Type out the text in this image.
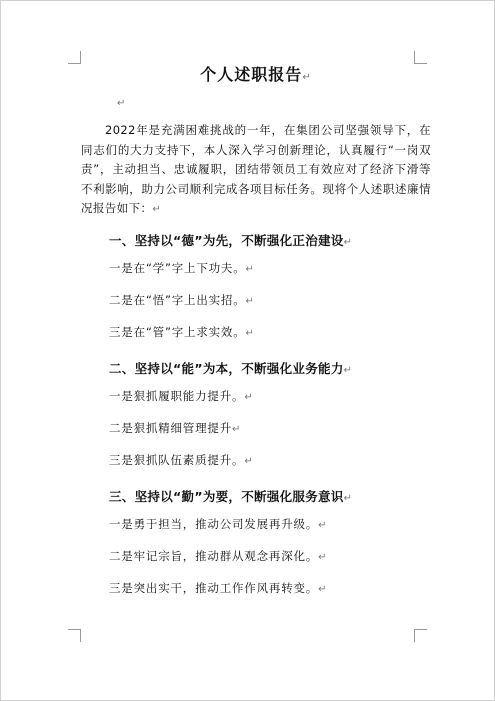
个人述职报告↵
↵

2022年是充满困难挑战的一年，在集团公司坚强领导下，在同志们的大力支持下，本人深入学习创新理论，认真履行“一岗双责”，主动担当、忠诚履职，团结带领员工有效应对了经济下滑等不利影响，助力公司顺利完成各项目标任务。现将个人述职述廉情况报告如下：↵

一、坚持以“德”为先，不断强化正治建设↵
一是在“学”字上下功夫。↵
二是在“悟”字上出实招。↵
三是在“管”字上求实效。↵
二、坚持以“能”为本，不断强化业务能力↵
一是狠抓履职能力提升。↵
二是狠抓精细管理提升↵
三是狠抓队伍素质提升。↵
三、坚持以“勤”为要，不断强化服务意识↵
一是勇于担当，推动公司发展再升级。↵
二是牢记宗旨，推动群从观念再深化。↵
三是突出实干，推动工作作风再转变。↵
